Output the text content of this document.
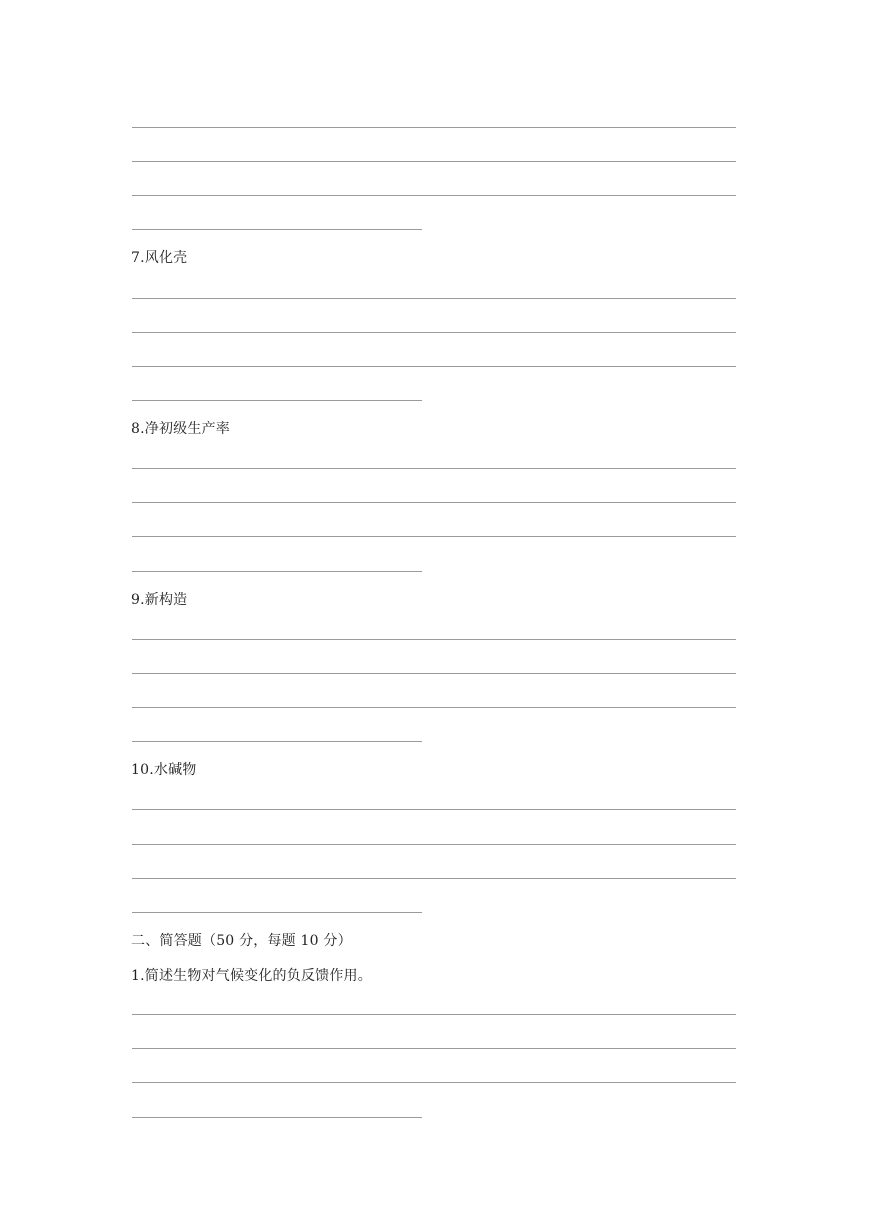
7.风化壳
8.净初级生产率
9.新构造
10.水碱物
二、简答题（50 分，每题 10 分）
1.简述生物对气候变化的负反馈作用。
